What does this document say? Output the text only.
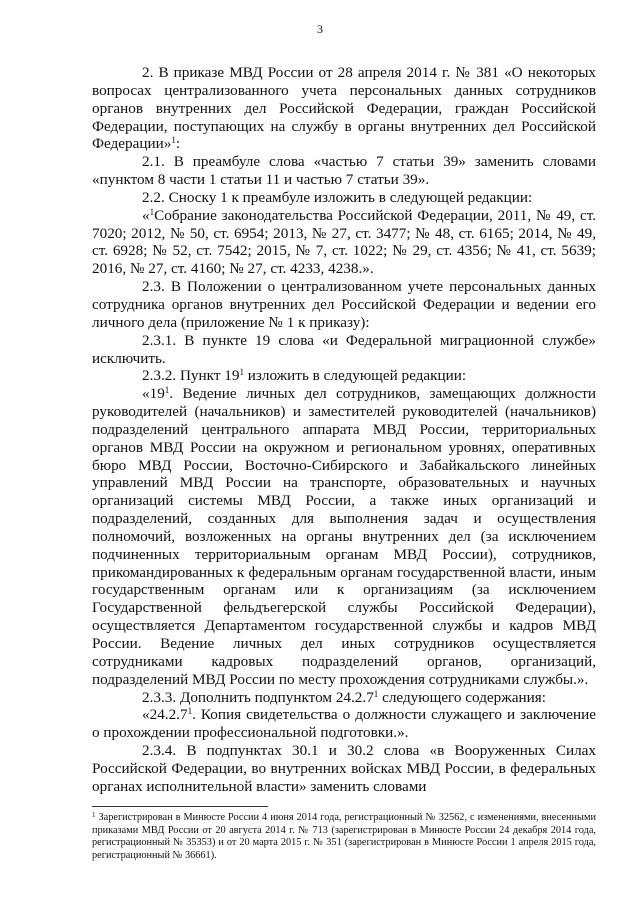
3

2. В приказе МВД России от 28 апреля 2014 г. № 381 «О некоторых вопросах централизованного учета персональных данных сотрудников органов внутренних дел Российской Федерации, граждан Российской Федерации, поступающих на службу в органы внутренних дел Российской Федерации»$^1$:

2.1. В преамбуле слова «частью 7 статьи 39» заменить словами «пунктом 8 части 1 статьи 11 и частью 7 статьи 39».

2.2. Сноску 1 к преамбуле изложить в следующей редакции:

«$^1$Собрание законодательства Российской Федерации, 2011, № 49, ст. 7020; 2012, № 50, ст. 6954; 2013, № 27, ст. 3477; № 48, ст. 6165; 2014, № 49, ст. 6928; № 52, ст. 7542; 2015, № 7, ст. 1022; № 29, ст. 4356; № 41, ст. 5639; 2016, № 27, ст. 4160; № 27, ст. 4233, 4238.».

2.3. В Положении о централизованном учете персональных данных сотрудника органов внутренних дел Российской Федерации и ведении его личного дела (приложение № 1 к приказу):

2.3.1. В пункте 19 слова «и Федеральной миграционной службе» исключить.

2.3.2. Пункт $19^1$ изложить в следующей редакции:

«$19^1$. Ведение личных дел сотрудников, замещающих должности руководителей (начальников) и заместителей руководителей (начальников) подразделений центрального аппарата МВД России, территориальных органов МВД России на окружном и региональном уровнях, оперативных бюро МВД России, Восточно-Сибирского и Забайкальского линейных управлений МВД России на транспорте, образовательных и научных организаций системы МВД России, а также иных организаций и подразделений, созданных для выполнения задач и осуществления полномочий, возложенных на органы внутренних дел (за исключением подчиненных территориальным органам МВД России), сотрудников, прикомандированных к федеральным органам государственной власти, иным государственным органам или к организациям (за исключением Государственной фельдъегерской службы Российской Федерации), осуществляется Департаментом государственной службы и кадров МВД России. Ведение личных дел иных сотрудников осуществляется сотрудниками кадровых подразделений органов, организаций, подразделений МВД России по месту прохождения сотрудниками службы.».

2.3.3. Дополнить подпунктом 24.2.7$^1$ следующего содержания:

«24.2.7$^1$. Копия свидетельства о должности служащего и заключение о прохождении профессиональной подготовки.».

2.3.4. В подпунктах 30.1 и 30.2 слова «в Вооруженных Силах Российской Федерации, во внутренних войсках МВД России, в федеральных органах исполнительной власти» заменить словами

$^1$ Зарегистрирован в Минюсте России 4 июня 2014 года, регистрационный № 32562, с изменениями, внесенными приказами МВД России от 20 августа 2014 г. № 713 (зарегистрирован в Минюсте России 24 декабря 2014 года, регистрационный № 35353) и от 20 марта 2015 г. № 351 (зарегистрирован в Минюсте России 1 апреля 2015 года, регистрационный № 36661).
